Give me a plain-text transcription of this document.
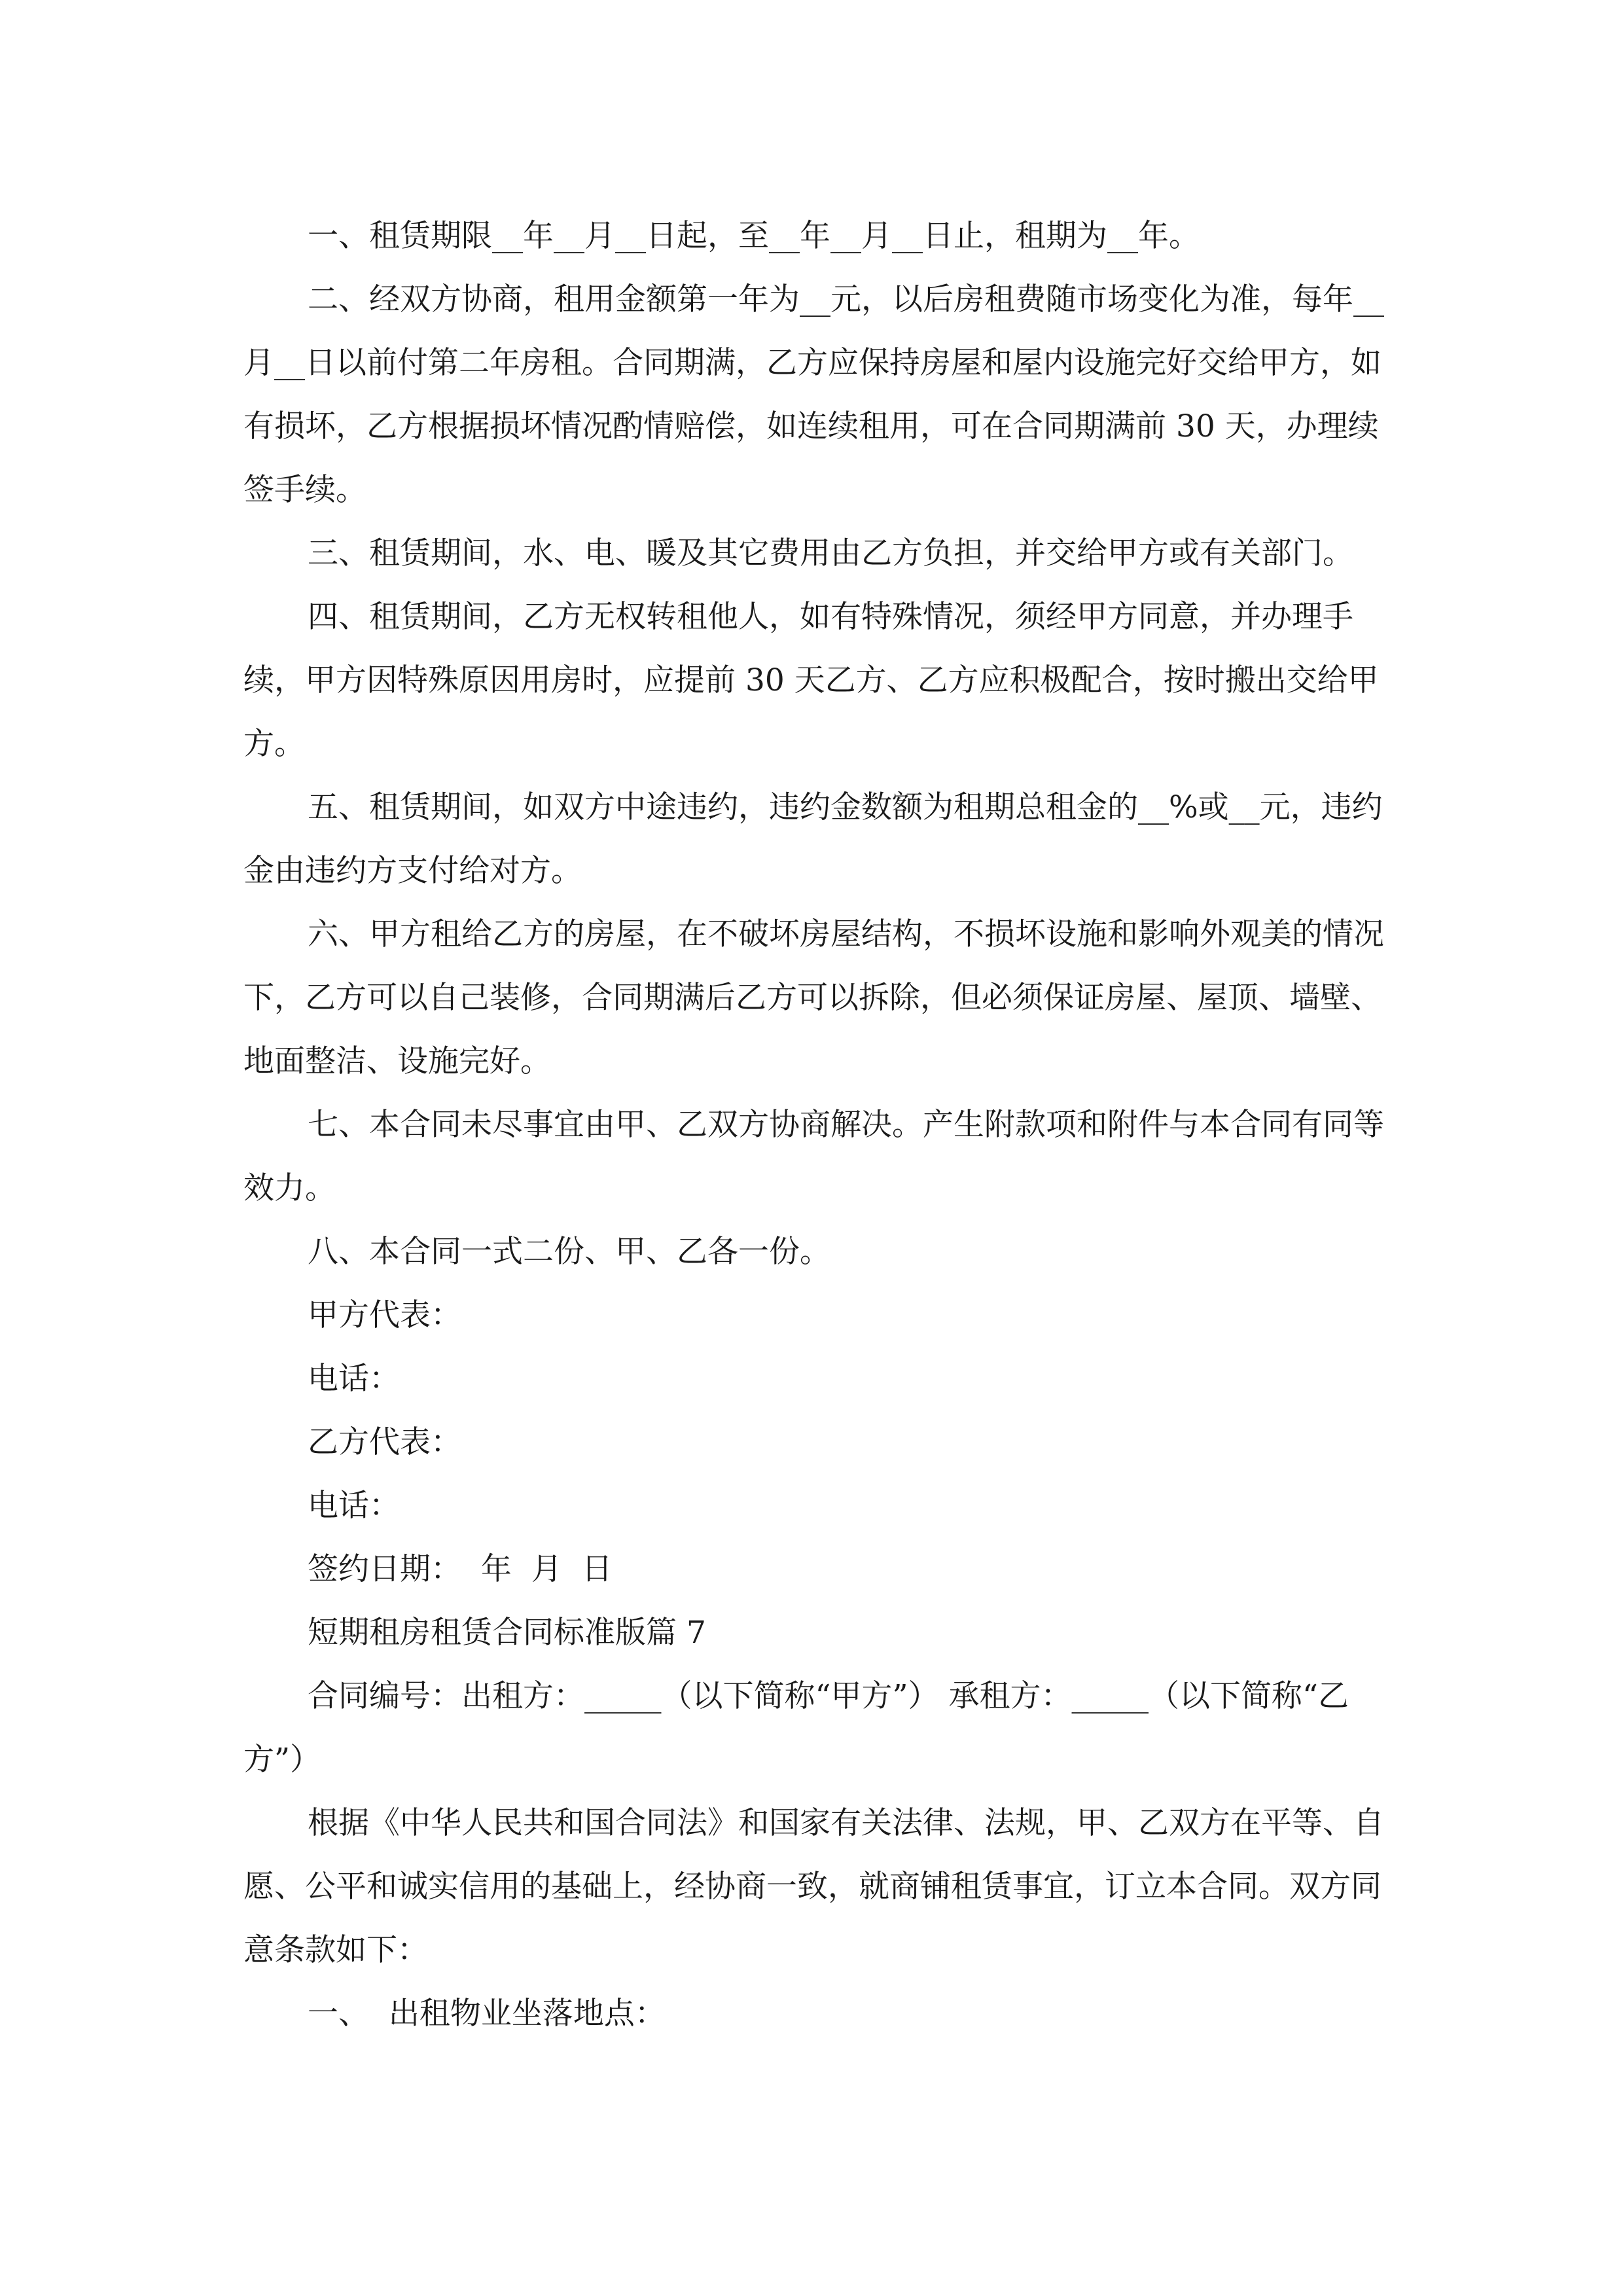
一、租赁期限__年__月__日起，至__年__月__日止，租期为__年。

二、经双方协商，租用金额第一年为__元，以后房租费随市场变化为准，每年__月__日以前付第二年房租。合同期满，乙方应保持房屋和屋内设施完好交给甲方，如有损坏，乙方根据损坏情况酌情赔偿，如连续租用，可在合同期满前 30 天，办理续签手续。

三、租赁期间，水、电、暖及其它费用由乙方负担，并交给甲方或有关部门。

四、租赁期间，乙方无权转租他人，如有特殊情况，须经甲方同意，并办理手续，甲方因特殊原因用房时，应提前 30 天乙方、乙方应积极配合，按时搬出交给甲方。

五、租赁期间，如双方中途违约，违约金数额为租期总租金的__%或__元，违约金由违约方支付给对方。

六、甲方租给乙方的房屋，在不破坏房屋结构，不损坏设施和影响外观美的情况下，乙方可以自己装修，合同期满后乙方可以拆除，但必须保证房屋、屋顶、墙壁、地面整洁、设施完好。

七、本合同未尽事宜由甲、乙双方协商解决。产生附款项和附件与本合同有同等效力。

八、本合同一式二份、甲、乙各一份。

甲方代表：

电话：

乙方代表：

电话：

签约日期：  年  月  日

短期租房租赁合同标准版篇 7

合同编号：出租方：_____（以下简称“甲方”） 承租方：_____（以下简称“乙方”）

根据《中华人民共和国合同法》和国家有关法律、法规，甲、乙双方在平等、自愿、公平和诚实信用的基础上，经协商一致，就商铺租赁事宜，订立本合同。双方同意条款如下：

一、  出租物业坐落地点：
